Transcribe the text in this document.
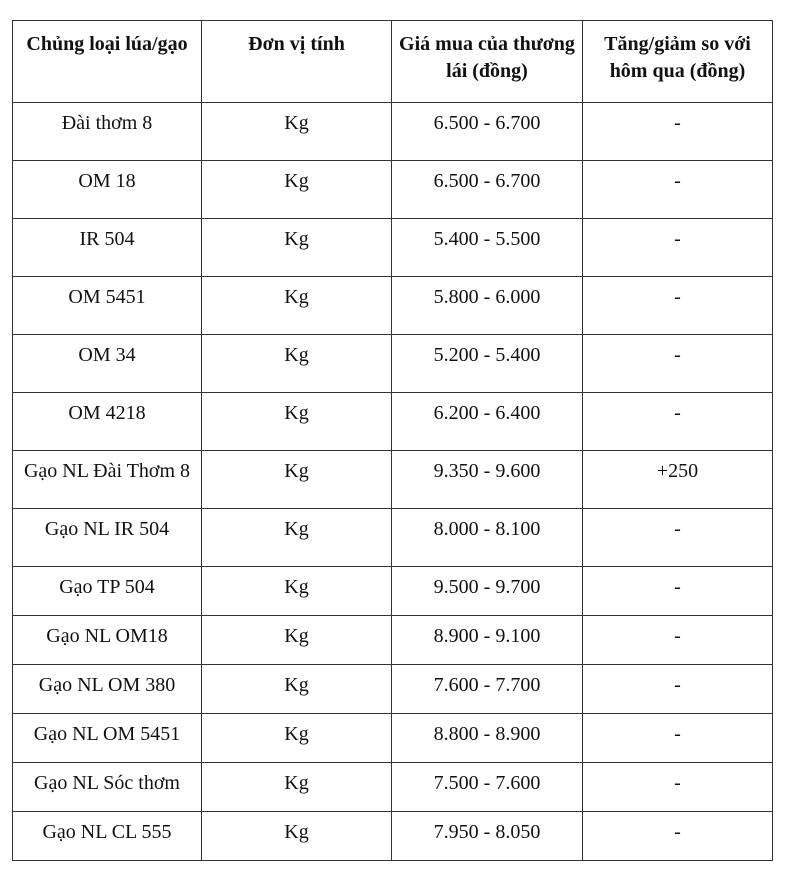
Chủng loại lúa/gạo	Đơn vị tính	Giá mua của thương lái (đồng)	Tăng/giảm so với hôm qua (đồng)
Đài thơm 8	Kg	6.500 - 6.700	-
OM 18	Kg	6.500 - 6.700	-
IR 504	Kg	5.400 - 5.500	-
OM 5451	Kg	5.800 - 6.000	-
OM 34	Kg	5.200 - 5.400	-
OM 4218	Kg	6.200 - 6.400	-
Gạo NL Đài Thơm 8	Kg	9.350 - 9.600	+250
Gạo NL IR 504	Kg	8.000 - 8.100	-
Gạo TP 504	Kg	9.500 - 9.700	-
Gạo NL OM18	Kg	8.900 - 9.100	-
Gạo NL OM 380	Kg	7.600 - 7.700	-
Gạo NL OM 5451	Kg	8.800 - 8.900	-
Gạo NL Sóc thơm	Kg	7.500 - 7.600	-
Gạo NL CL 555	Kg	7.950 - 8.050	-
